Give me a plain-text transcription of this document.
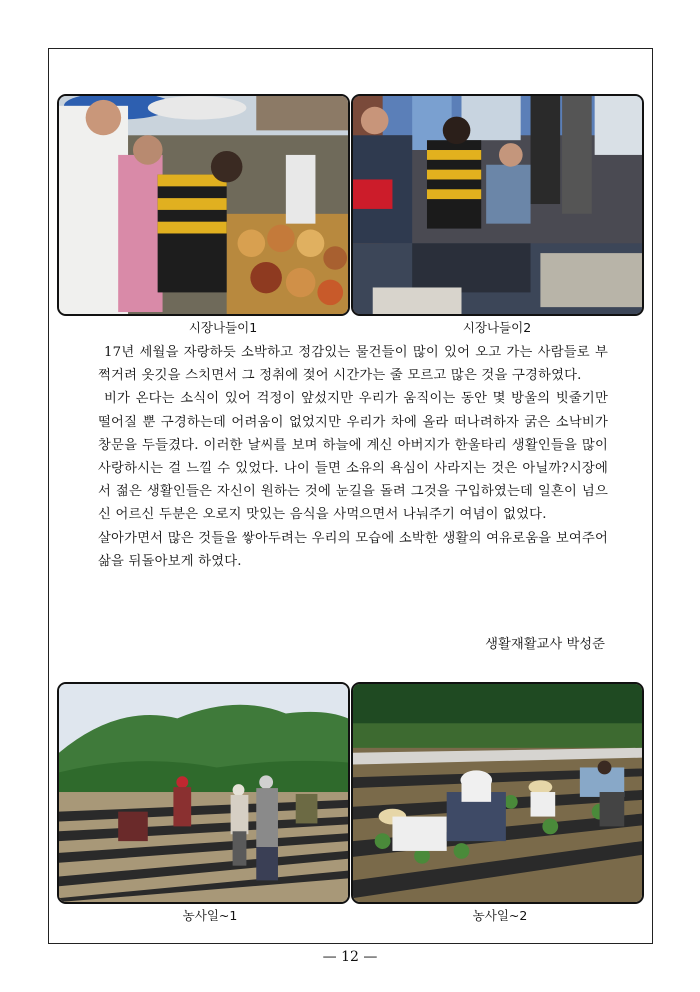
시장나들이1	시장나들이2

17년 세월을 자랑하듯 소박하고 정감있는 물건들이 많이 있어 오고 가는 사람들로 부쩍거려 옷깃을 스치면서 그 정취에 젖어 시간가는 줄 모르고 많은 것을 구경하였다.

비가 온다는 소식이 있어 걱정이 앞섰지만 우리가 움직이는 동안 몇 방울의 빗줄기만 떨어질 뿐 구경하는데 어려움이 없었지만 우리가 차에 올라 떠나려하자 굵은 소낙비가 창문을 두들겼다. 이러한 날씨를 보며 하늘에 계신 아버지가 한울타리 생활인들을 많이 사랑하시는 걸 느낄 수 있었다. 나이 들면 소유의 욕심이 사라지는 것은 아닐까?시장에서 젊은 생활인들은 자신이 원하는 것에 눈길을 돌려 그것을 구입하였는데 일흔이 넘으신 어르신 두분은 오로지 맛있는 음식을 사먹으면서 나눠주기 여념이 없었다.

살아가면서 많은 것들을 쌓아두려는 우리의 모습에 소박한 생활의 여유로움을 보여주어 삶을 뒤돌아보게 하였다.

생활재활교사 박성준
농사일~1	농사일~2
— 12 —
